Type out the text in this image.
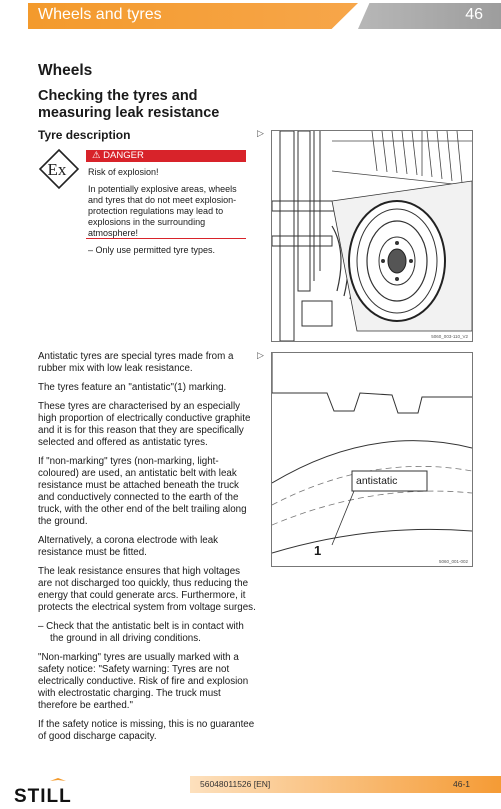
Wheels and tyres	46
Wheels
Checking the tyres and measuring leak resistance
Tyre description	▷
▷
Ex
⚠ DANGER

Risk of explosion!

In potentially explosive areas, wheels and tyres that do not meet explosion-protection regulations may lead to explosions in the surrounding atmosphere!

– Only use permitted tyre types.

5060_003-110_V2
antistatic
1
5060_001-002

Antistatic tyres are special tyres made from a rubber mix with low leak resistance.

The tyres feature an "antistatic"(1) marking.

These tyres are characterised by an especially high proportion of electrically conductive graphite and it is for this reason that they are specifically selected and offered as antistatic tyres.

If "non-marking" tyres (non-marking, light-coloured) are used, an antistatic belt with leak resistance must be attached beneath the truck and conductively connected to the earth of the truck, with the other end of the belt trailing along the ground.

Alternatively, a corona electrode with leak resistance must be fitted.

The leak resistance ensures that high voltages are not discharged too quickly, thus reducing the energy that could generate arcs. Furthermore, it protects the electrical system from voltage surges.

– Check that the antistatic belt is in contact with the ground in all driving conditions.

"Non-marking" tyres are usually marked with a safety notice: "Safety warning: Tyres are not electrically conductive. Risk of fire and explosion with electrostatic charging. The truck must therefore be earthed."

If the safety notice is missing, this is no guarantee of good discharge capacity.

STILL
56048011526 [EN]	46-1
